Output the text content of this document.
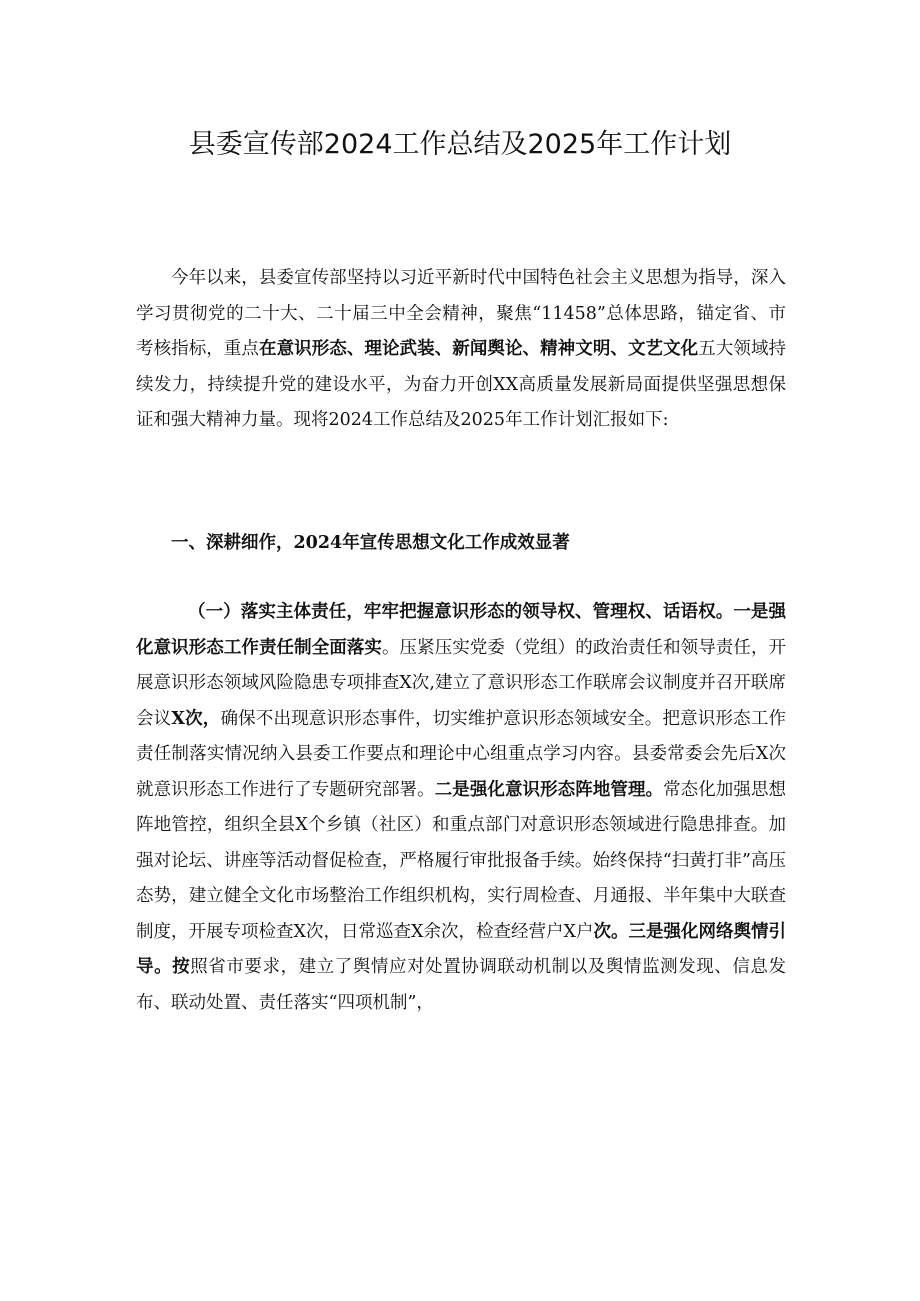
县委宣传部2024工作总结及2025年工作计划

今年以来，县委宣传部坚持以习近平新时代中国特色社会主义思想为指导，深入学习贯彻党的二十大、二十届三中全会精神，聚焦“11458”总体思路，锚定省、市考核指标，重点在意识形态、理论武装、新闻舆论、精神文明、文艺文化五大领域持续发力，持续提升党的建设水平，为奋力开创XX高质量发展新局面提供坚强思想保证和强大精神力量。现将2024工作总结及2025年工作计划汇报如下:

一、深耕细作，2024年宣传思想文化工作成效显著

（一）落实主体责任，牢牢把握意识形态的领导权、管理权、话语权。一是强化意识形态工作责任制全面落实。压紧压实党委（党组）的政治责任和领导责任，开展意识形态领域风险隐患专项排查X次,建立了意识形态工作联席会议制度并召开联席会议X次，确保不出现意识形态事件，切实维护意识形态领域安全。把意识形态工作责任制落实情况纳入县委工作要点和理论中心组重点学习内容。县委常委会先后X次就意识形态工作进行了专题研究部署。二是强化意识形态阵地管理。常态化加强思想阵地管控，组织全县X个乡镇（社区）和重点部门对意识形态领域进行隐患排查。加强对论坛、讲座等活动督促检查，严格履行审批报备手续。始终保持“扫黄打非”高压态势，建立健全文化市场整治工作组织机构，实行周检查、月通报、半年集中大联查制度，开展专项检查X次，日常巡查X余次，检查经营户X户次。三是强化网络舆情引导。按照省市要求，建立了舆情应对处置协调联动机制以及舆情监测发现、信息发布、联动处置、责任落实“四项机制”，
